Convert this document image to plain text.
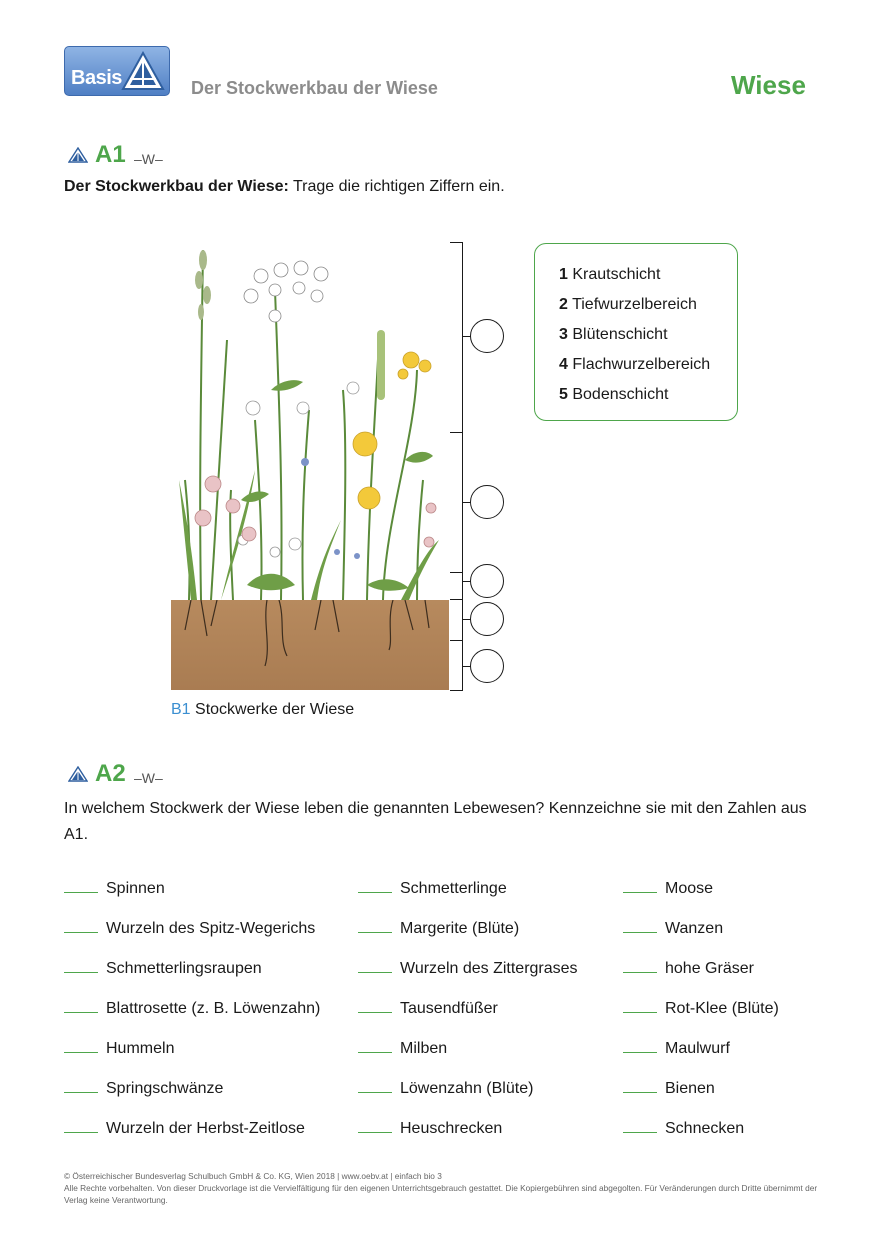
Basis	Der Stockwerkbau der Wiese	Wiese
A1 –W–
Der Stockwerkbau der Wiese: Trage die richtigen Ziffern ein.
1 Krautschicht
2 Tiefwurzelbereich
3 Blütenschicht
4 Flachwurzelbereich
5 Bodenschicht
B1 Stockwerke der Wiese
A2 –W–
In welchem Stockwerk der Wiese leben die genannten Lebewesen? Kennzeichne sie mit den Zahlen aus A1.
Spinnen
Wurzeln des Spitz-Wegerichs
Schmetterlingsraupen
Blattrosette (z. B. Löwenzahn)
Hummeln
Springschwänze
Wurzeln der Herbst-Zeitlose
Schmetterlinge
Margerite (Blüte)
Wurzeln des Zittergrases
Tausendfüßer
Milben
Löwenzahn (Blüte)
Heuschrecken
Moose
Wanzen
hohe Gräser
Rot-Klee (Blüte)
Maulwurf
Bienen
Schnecken
© Österreichischer Bundesverlag Schulbuch GmbH & Co. KG, Wien 2018 | www.oebv.at | einfach bio 3
Alle Rechte vorbehalten. Von dieser Druckvorlage ist die Vervielfältigung für den eigenen Unterrichtsgebrauch gestattet. Die Kopiergebühren sind abgegolten. Für Veränderungen durch Dritte übernimmt der Verlag keine Verantwortung.
